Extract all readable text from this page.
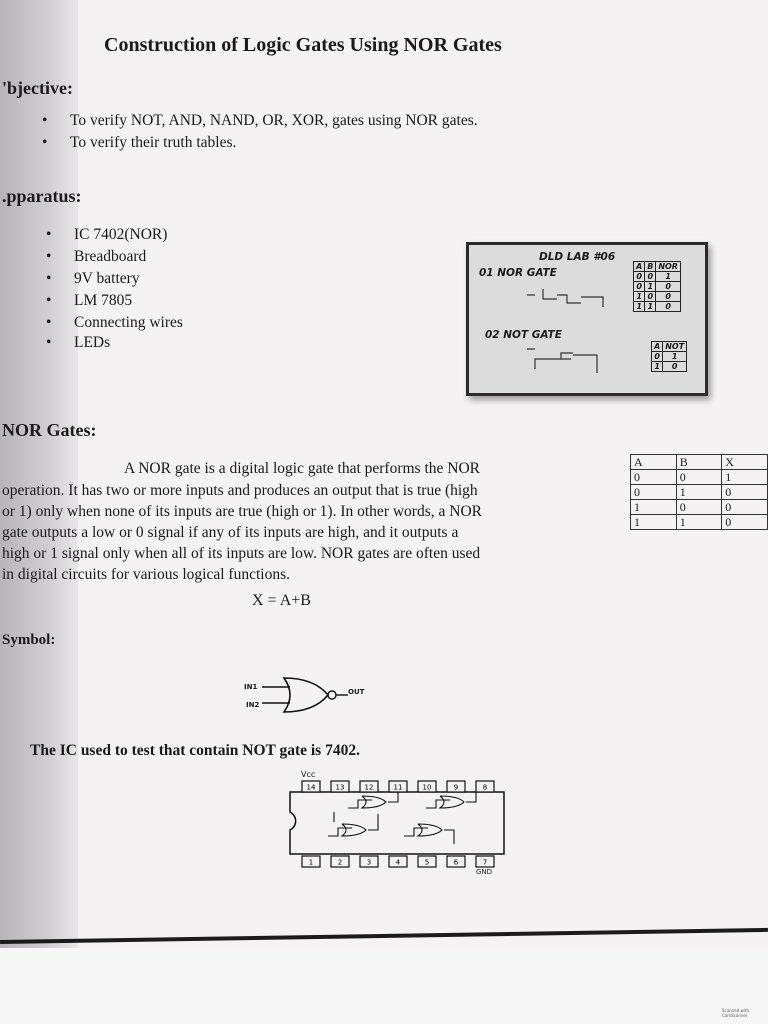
Construction of Logic Gates Using NOR Gates
'bjective:
• To verify NOT, AND, NAND, OR, XOR, gates using NOR gates.
• To verify their truth tables.
.pparatus:
• IC 7402(NOR)
• Breadboard
• 9V battery
• LM 7805
• Connecting wires
• LEDs
DLD LAB #06
01 NOR GATE
02 NOT GATE
A	B	NOR
0	0	1
0	1	0
1	0	0
1	1	0
A	NOT
0	1
1	0
NOR Gates:
A NOR gate is a digital logic gate that performs the NOR
operation. It has two or more inputs and produces an output that is true (high
or 1) only when none of its inputs are true (high or 1). In other words, a NOR
gate outputs a low or 0 signal if any of its inputs are high, and it outputs a
high or 1 signal only when all of its inputs are low. NOR gates are often used
in digital circuits for various logical functions.
X = A+B
A	B	X
0	0	1
0	1	0
1	0	0
1	1	0
Symbol:
IN1
IN2
OUT
The IC used to test that contain NOT gate is 7402.
Vcc
GND
14	13	12	11	10	9	8
1	2	3	4	5	6	7
Scanned with CamScanner
